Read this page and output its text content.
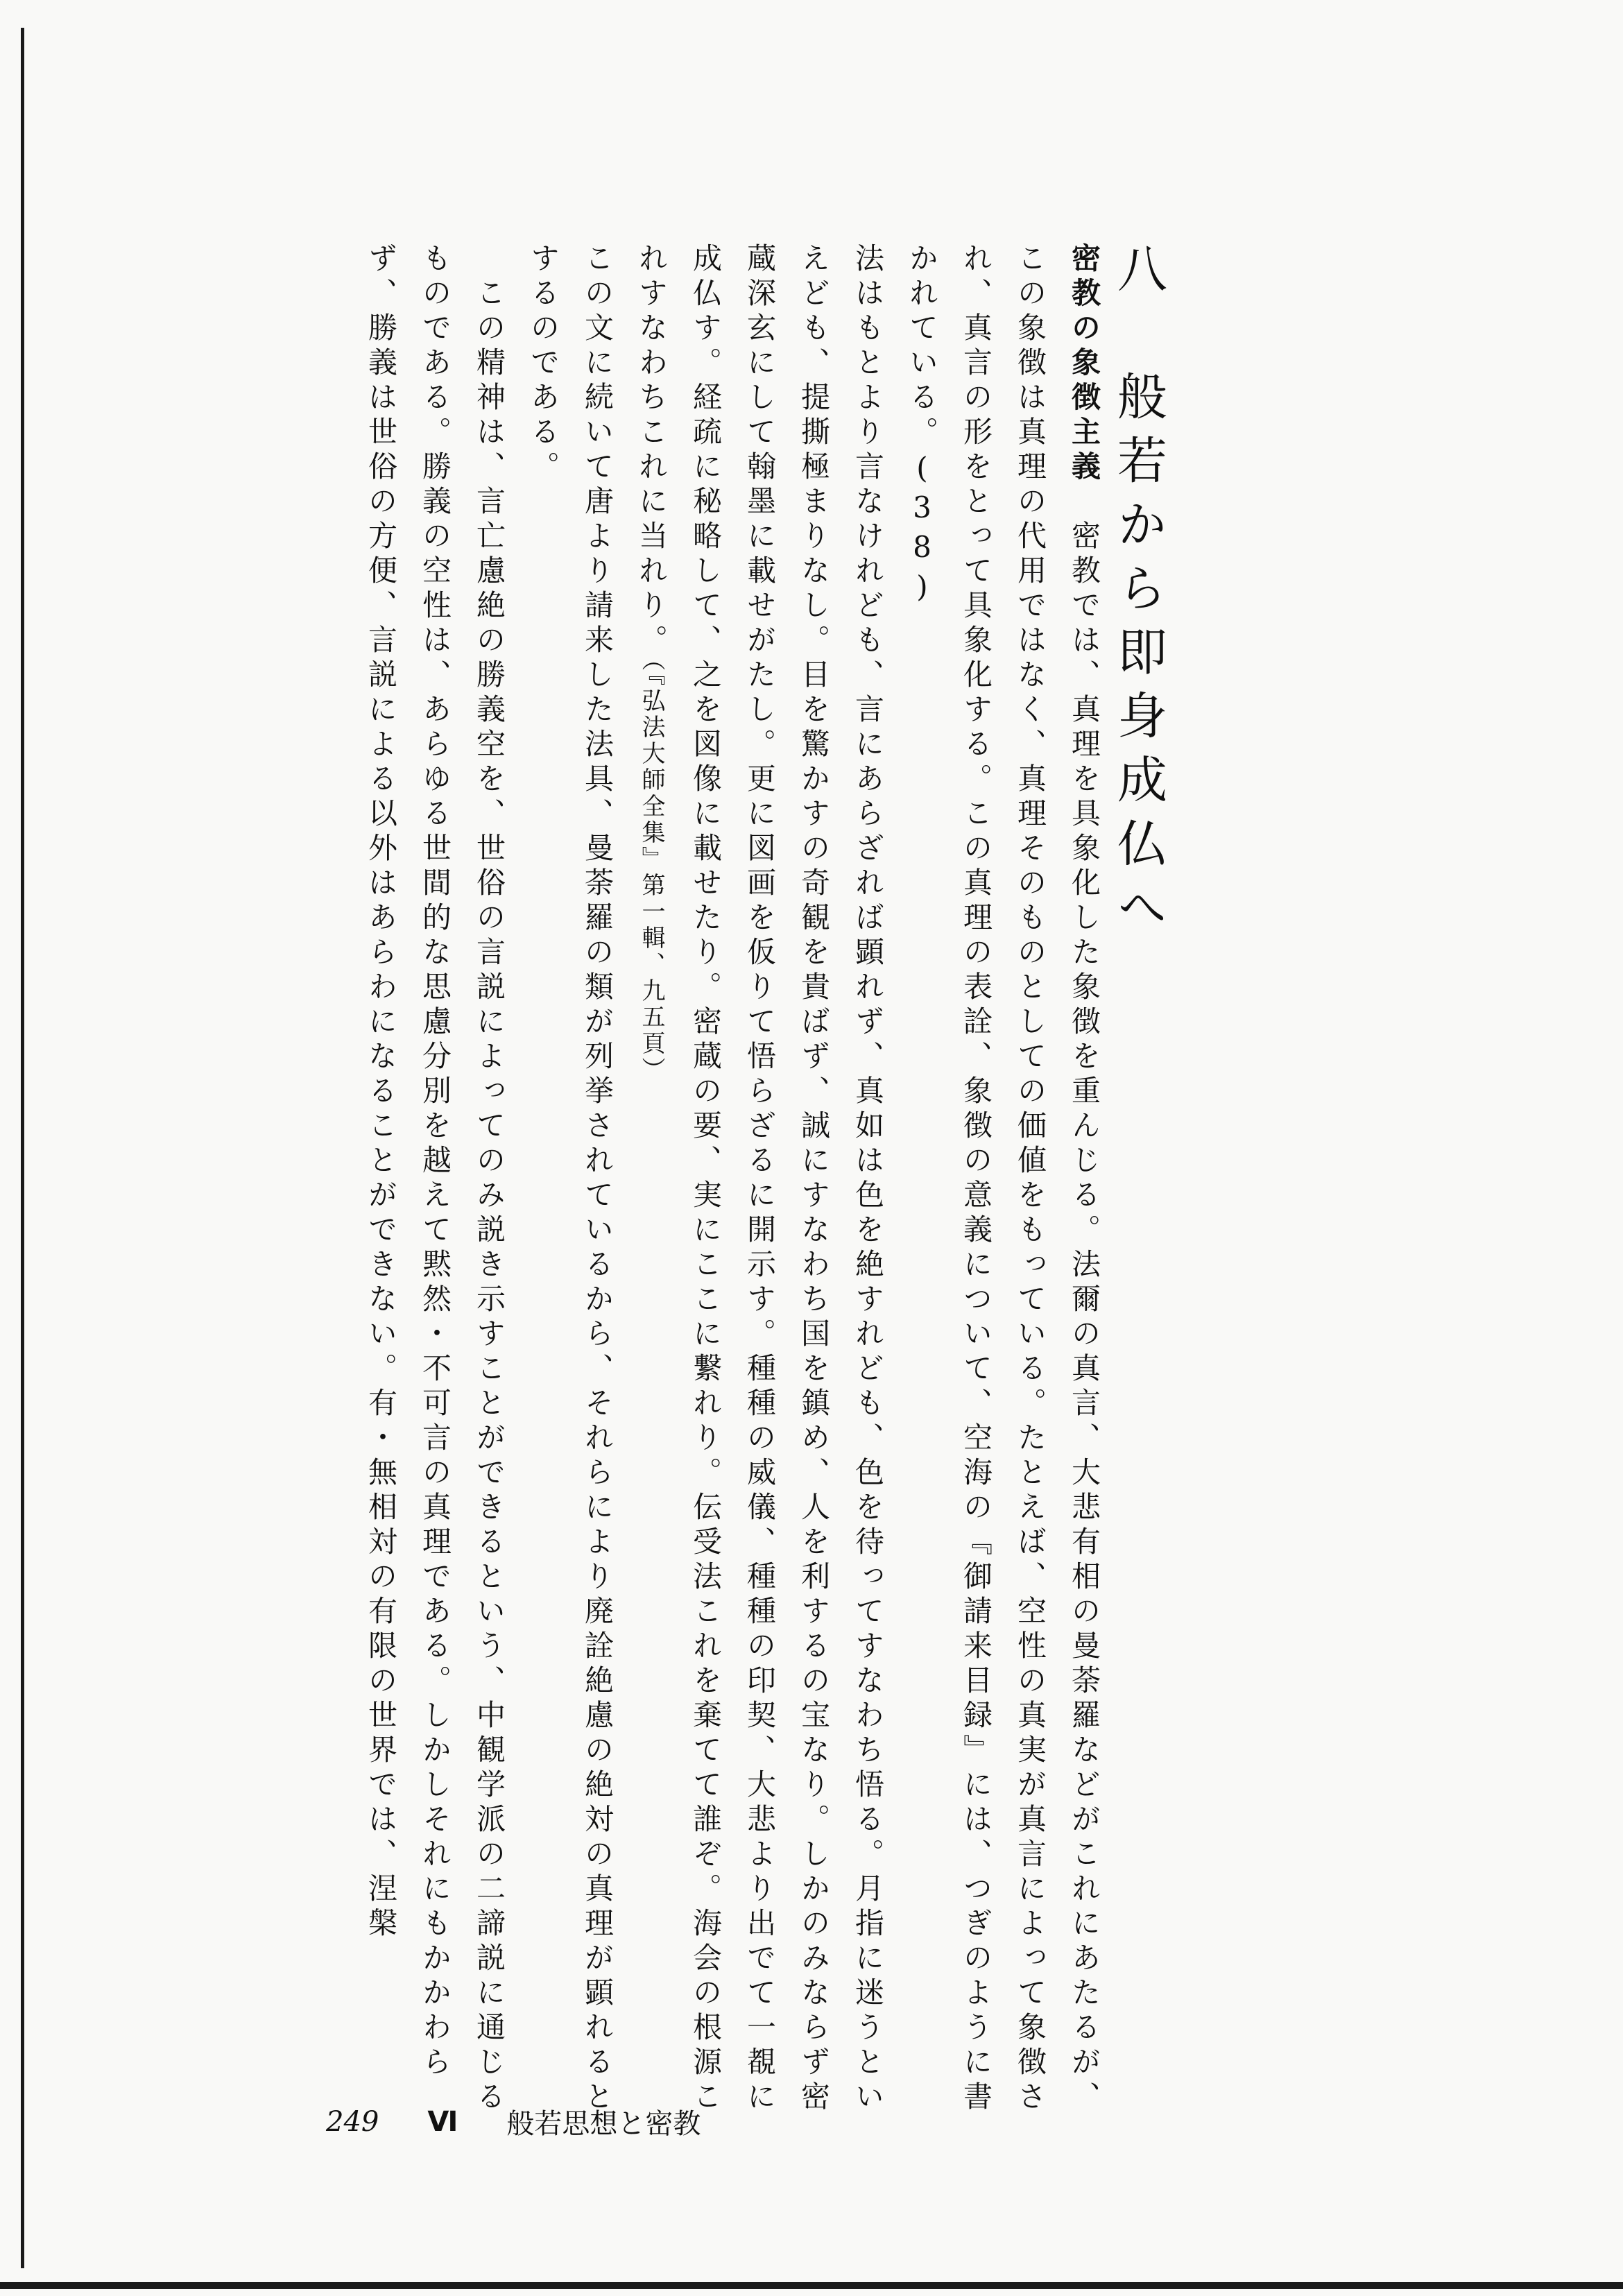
八　般若から即身成仏へ

密教の象徴主義　密教では、真理を具象化した象徴を重んじる。法爾の真言、大悲有相の曼荼羅などがこれにあたるが、この象徴は真理の代用ではなく、真理そのものとしての価値をもっている。たとえば、空性の真実が真言によって象徴され、真言の形をとって具象化する。この真理の表詮、象徴の意義について、空海の『御請来目録』には、つぎのように書かれている。(38)

法はもとより言なけれども、言にあらざれば顕れず、真如は色を絶すれども、色を待ってすなわち悟る。月指に迷うといえども、提撕極まりなし。目を驚かすの奇観を貴ばず、誠にすなわち国を鎮め、人を利するの宝なり。しかのみならず密蔵深玄にして翰墨に載せがたし。更に図画を仮りて悟らざるに開示す。種種の威儀、種種の印契、大悲より出でて一覩に成仏す。経疏に秘略して、之を図像に載せたり。密蔵の要、実にここに繋れり。伝受法これを棄てて誰ぞ。海会の根源これすなわちこれに当れり。（『弘法大師全集』第一輯、九五頁）

この文に続いて唐より請来した法具、曼荼羅の類が列挙されているから、それらにより廃詮絶慮の絶対の真理が顕れるとするのである。

　この精神は、言亡慮絶の勝義空を、世俗の言説によってのみ説き示すことができるという、中観学派の二諦説に通じるものである。勝義の空性は、あらゆる世間的な思慮分別を越えて黙然・不可言の真理である。しかしそれにもかかわらず、勝義は世俗の方便、言説による以外はあらわになることができない。有・無相対の有限の世界では、涅槃

249 Ⅵ 般若思想と密教
